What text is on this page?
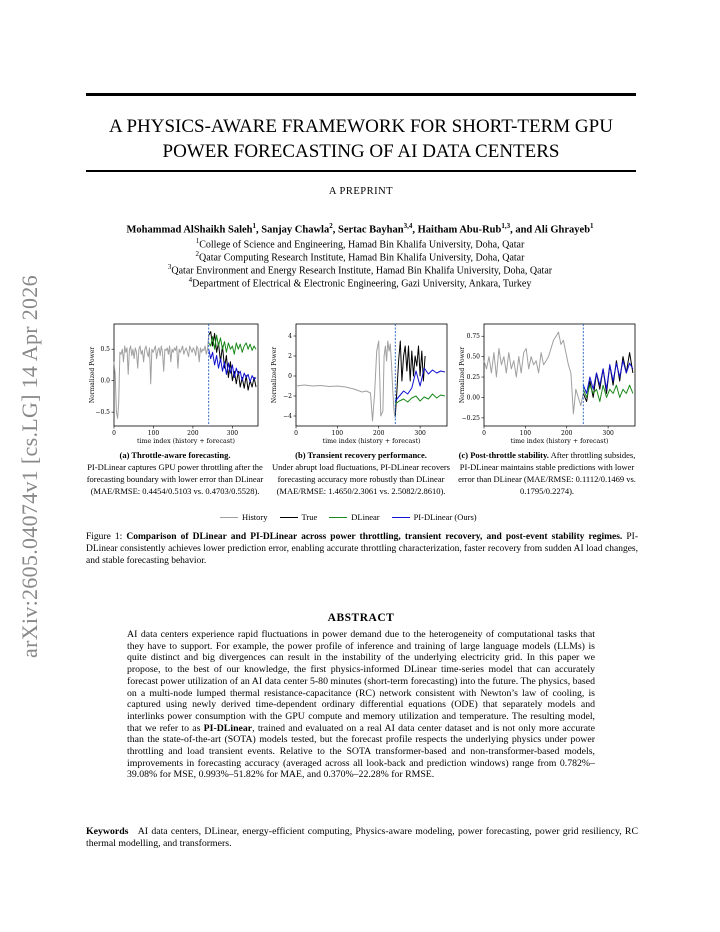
arXiv:2605.04074v1 [cs.LG] 14 Apr 2026
A PHYSICS-AWARE FRAMEWORK FOR SHORT-TERM GPU
POWER FORECASTING OF AI DATA CENTERS
A PREPRINT
Mohammad AlShaikh Saleh$^1$, Sanjay Chawla$^2$, Sertac Bayhan$^{3,4}$, Haitham Abu-Rub$^{1,3}$, and Ali Ghrayeb$^1$
$^1$College of Science and Engineering, Hamad Bin Khalifa University, Doha, Qatar
$^2$Qatar Computing Research Institute, Hamad Bin Khalifa University, Doha, Qatar
$^3$Qatar Environment and Energy Research Institute, Hamad Bin Khalifa University, Doha, Qatar
$^4$Department of Electrical & Electronic Engineering, Gazi University, Ankara, Turkey
Normalized Power
time index (history + forecast)
0	100	200	300
−0.5
0.0
0.5	Normalized Power
time index (history + forecast)
0	100	200	300
−4
−2
0
2
4
Normalized Power
time index (history + forecast)
0	100	200	300
−0.25
0.00
0.25
0.50
0.75
(a) Throttle-aware forecasting.
PI-DLinear captures GPU power throttling after the forecasting boundary with lower error than DLinear (MAE/RMSE: 0.4454/0.5103 vs. 0.4703/0.5528).
(b) Transient recovery performance.
Under abrupt load fluctuations, PI-DLinear recovers forecasting accuracy more robustly than DLinear (MAE/RMSE: 1.4650/2.3061 vs. 2.5082/2.8610).
(c) Post-throttle stability. After throttling subsides, PI-DLinear maintains stable predictions with lower error than DLinear (MAE/RMSE: 0.1112/0.1469 vs. 0.1795/0.2274).
History	True	DLinear	PI-DLinear (Ours)
Figure 1: Comparison of DLinear and PI-DLinear across power throttling, transient recovery, and post-event stability regimes. PI-DLinear consistently achieves lower prediction error, enabling accurate throttling characterization, faster recovery from sudden AI load changes, and stable forecasting behavior.
ABSTRACT
AI data centers experience rapid fluctuations in power demand due to the heterogeneity of computational tasks that they have to support. For example, the power profile of inference and training of large language models (LLMs) is quite distinct and big divergences can result in the instability of the underlying electricity grid. In this paper we propose, to the best of our knowledge, the first physics-informed DLinear time-series model that can accurately forecast power utilization of an AI data center 5-80 minutes (short-term forecasting) into the future. The physics, based on a multi-node lumped thermal resistance-capacitance (RC) network consistent with Newton’s law of cooling, is captured using newly derived time-dependent ordinary differential equations (ODE) that separately models and interlinks power consumption with the GPU compute and memory utilization and temperature. The resulting model, that we refer to as PI-DLinear, trained and evaluated on a real AI data center dataset and is not only more accurate than the state-of-the-art (SOTA) models tested, but the forecast profile respects the underlying physics under power throttling and load transient events. Relative to the SOTA transformer-based and non-transformer-based models, improvements in forecasting accuracy (averaged across all look-back and prediction windows) range from 0.782%–39.08% for MSE, 0.993%–51.82% for MAE, and 0.370%–22.28% for RMSE.
Keywords AI data centers, DLinear, energy-efficient computing, Physics-aware modeling, power forecasting, power grid resiliency, RC thermal modelling, and transformers.
